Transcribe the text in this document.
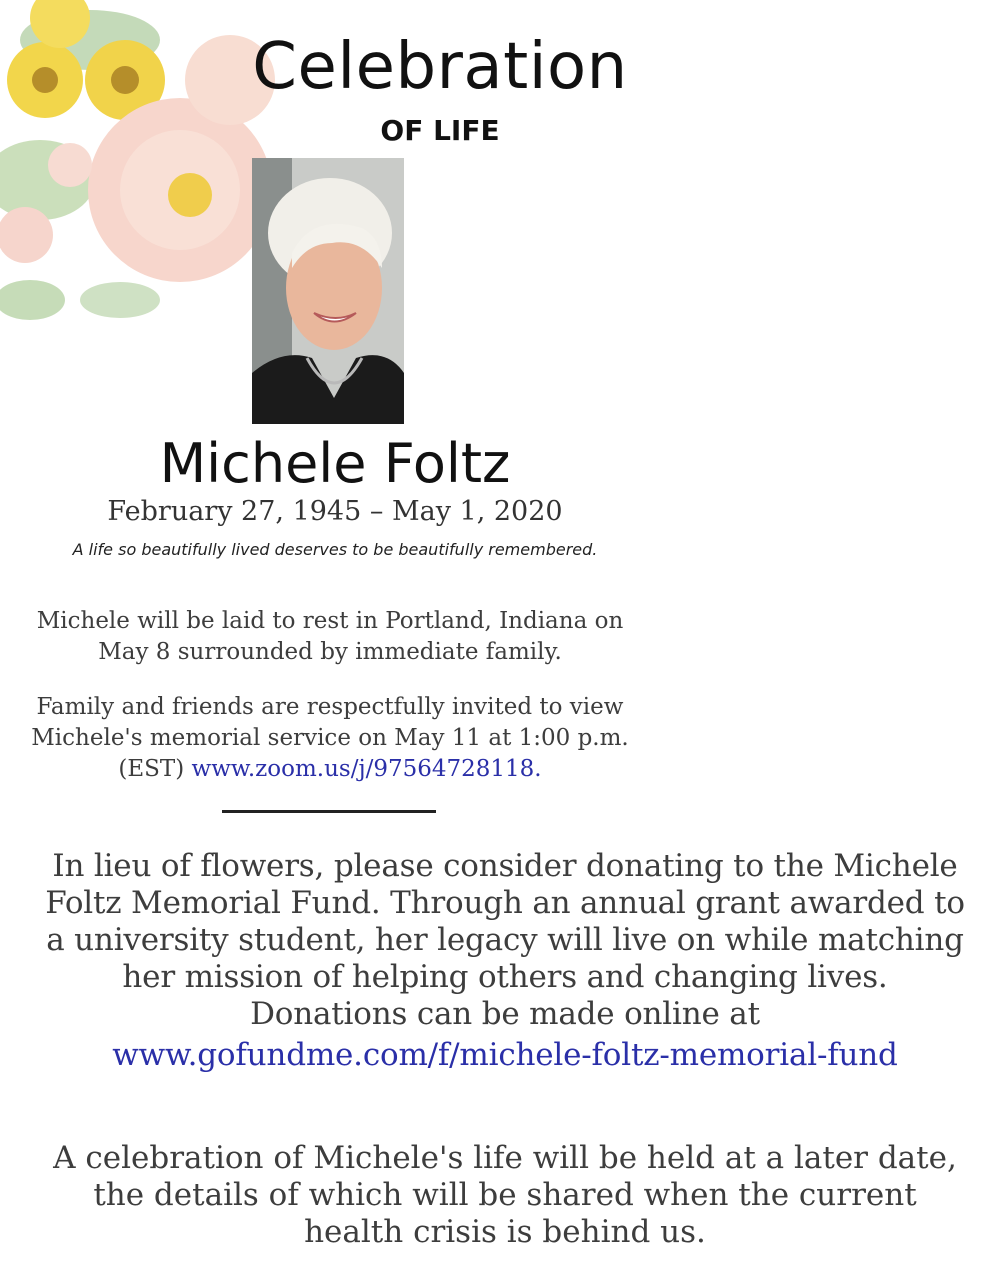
Celebration
OF LIFE
Michele Foltz
February 27, 1945 – May 1, 2020
A life so beautifully lived deserves to be beautifully remembered.
Michele will be laid to rest in Portland, Indiana on May 8 surrounded by immediate family.
Family and friends are respectfully invited to view Michele's memorial service on May 11 at 1:00 p.m. (EST) www.zoom.us/j/97564728118.
In lieu of flowers, please consider donating to the Michele Foltz Memorial Fund. Through an annual grant awarded to a university student, her legacy will live on while matching her mission of helping others and changing lives. Donations can be made online at
www.gofundme.com/f/michele-foltz-memorial-fund
A celebration of Michele's life will be held at a later date, the details of which will be shared when the current health crisis is behind us.
